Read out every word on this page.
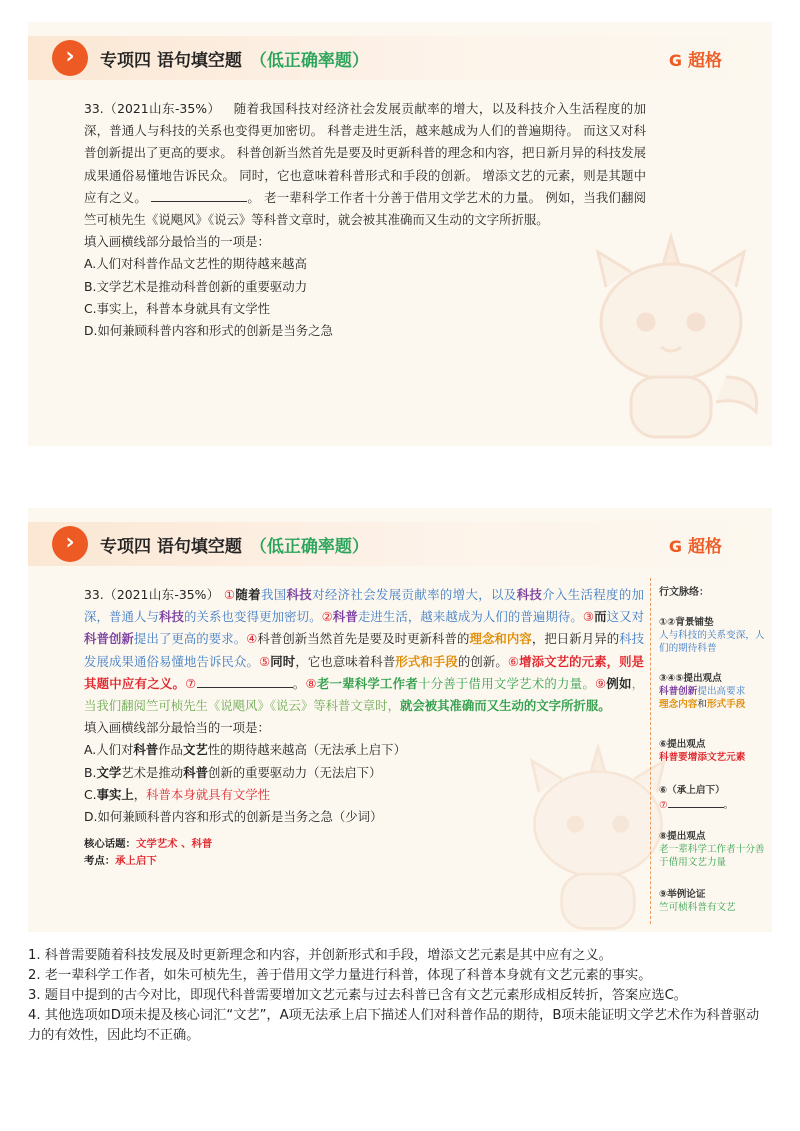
›	专项四 语句填空题 （低正确率题）	G 超格

33.（2021山东-35%） 随着我国科技对经济社会发展贡献率的增大，以及科技介入生活程度的加深，普通人与科技的关系也变得更加密切。 科普走进生活，越来越成为人们的普遍期待。 而这又对科普创新提出了更高的要求。 科普创新当然首先是要及时更新科普的理念和内容，把日新月异的科技发展成果通俗易懂地告诉民众。 同时，它也意味着科普形式和手段的创新。 增添文艺的元素，则是其题中应有之义。	。 老一辈科学工作者十分善于借用文学艺术的力量。 例如，当我们翻阅竺可桢先生《说飓风》《说云》等科普文章时，就会被其准确而又生动的文字所折服。

填入画横线部分最恰当的一项是：

A.人们对科普作品文艺性的期待越来越高

B.文学艺术是推动科普创新的重要驱动力

C.事实上，科普本身就具有文学性

D.如何兼顾科普内容和形式的创新是当务之急

›	专项四 语句填空题 （低正确率题）	G 超格

33.（2021山东-35%） ①随着我国科技对经济社会发展贡献率的增大，以及科技介入生活程度的加深，普通人与科技的关系也变得更加密切。②科普走进生活，越来越成为人们的普遍期待。③而这又对科普创新提出了更高的要求。④科普创新当然首先是要及时更新科普的理念和内容，把日新月异的科技发展成果通俗易懂地告诉民众。⑤同时，它也意味着科普形式和手段的创新。⑥增添文艺的元素，则是其题中应有之义。⑦	。⑧老一辈科学工作者十分善于借用文学艺术的力量。⑨例如，当我们翻阅竺可桢先生《说飓风》《说云》等科普文章时，就会被其准确而又生动的文字所折服。

填入画横线部分最恰当的一项是：

A.人们对科普作品文艺性的期待越来越高（无法承上启下）

B.文学艺术是推动科普创新的重要驱动力（无法启下）

C.事实上，科普本身就具有文学性

D.如何兼顾科普内容和形式的创新是当务之急（少词）

核心话题：文学艺术 、科普
考点：承上启下
行文脉络：
①②背景铺垫
人与科技的关系变深，人们的期待科普
③④⑤提出观点
科普创新提出高要求
理念内容和形式手段
⑥提出观点
科普要增添文艺元素
⑥（承上启下）
⑦	。
⑧提出观点
老一辈科学工作者十分善于借用文艺力量
⑨举例论证
竺可桢科普有文艺

1. 科普需要随着科技发展及时更新理念和内容，并创新形式和手段，增添文艺元素是其中应有之义。

2. 老一辈科学工作者，如朱可桢先生，善于借用文学力量进行科普，体现了科普本身就有文艺元素的事实。

3. 题目中提到的古今对比，即现代科普需要增加文艺元素与过去科普已含有文艺元素形成相反转折，答案应选C。

4. 其他选项如D项未提及核心词汇“文艺”，A项无法承上启下描述人们对科普作品的期待，B项未能证明文学艺术作为科普驱动力的有效性，因此均不正确。
